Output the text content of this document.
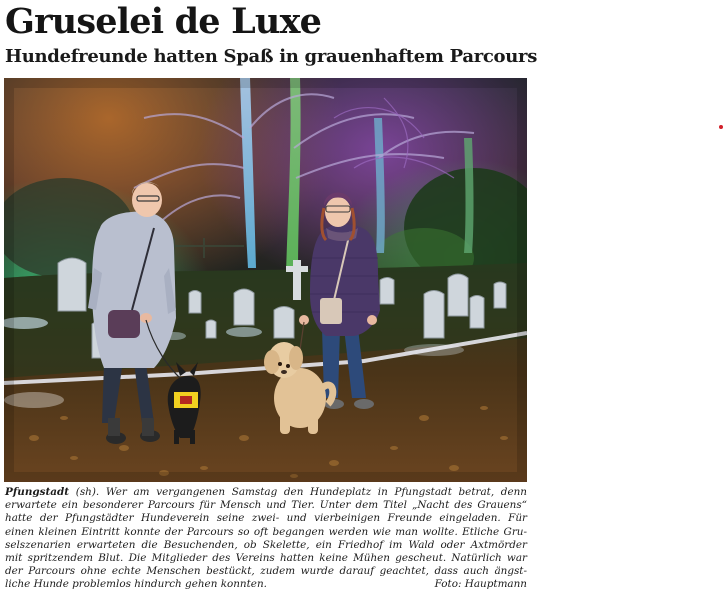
Gruselei de Luxe
Hundefreunde hatten Spaß in grauenhaftem Parcours
Pfungstadt (sh). Wer am vergangenen Samstag den Hundeplatz in Pfungstadt betrat, denn
erwartete ein besonderer Parcours für Mensch und Tier. Unter dem Titel „Nacht des Grauens“
hatte der Pfungstädter Hundeverein seine zwei- und vierbeinigen Freunde eingeladen. Für
einen kleinen Eintritt konnte der Parcours so oft begangen werden wie man wollte. Etliche Gru-
selszenarien erwarteten die Besuchenden, ob Skelette, ein Friedhof im Wald oder Axtmörder
mit spritzendem Blut. Die Mitglieder des Vereins hatten keine Mühen gescheut. Natürlich war
der Parcours ohne echte Menschen bestückt, zudem wurde darauf geachtet, dass auch ängst-
liche Hunde problemlos hindurch gehen konnten.	Foto: Hauptmann
